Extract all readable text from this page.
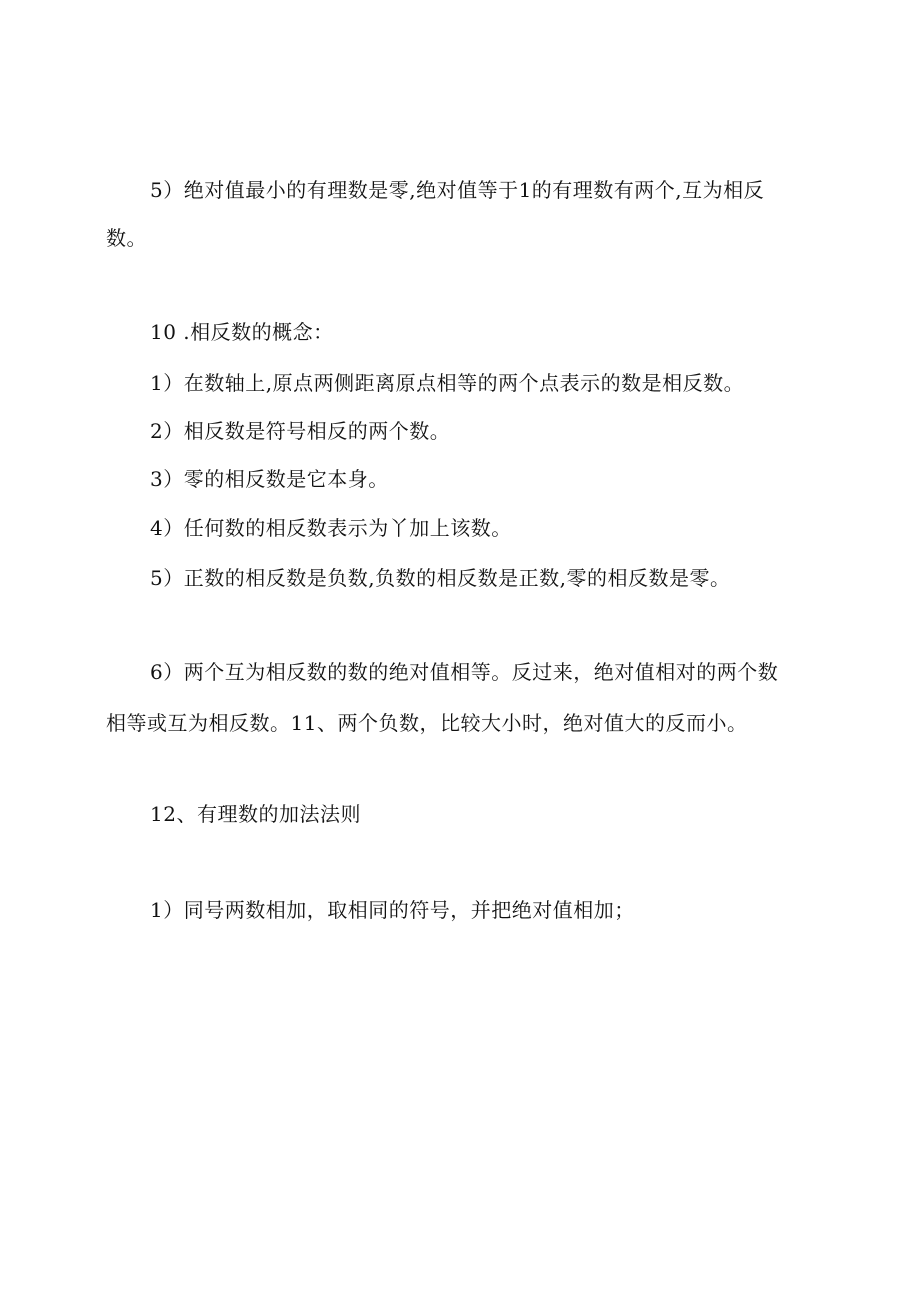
5）绝对值最小的有理数是零,绝对值等于1的有理数有两个,互为相反
数。
10 .相反数的概念：
1）在数轴上,原点两侧距离原点相等的两个点表示的数是相反数。
2）相反数是符号相反的两个数。
3）零的相反数是它本身。
4）任何数的相反数表示为丫加上该数。
5）正数的相反数是负数,负数的相反数是正数,零的相反数是零。
6）两个互为相反数的数的绝对值相等。反过来，绝对值相对的两个数
相等或互为相反数。11、两个负数，比较大小时，绝对值大的反而小。
12、有理数的加法法则
1）同号两数相加，取相同的符号，并把绝对值相加；
